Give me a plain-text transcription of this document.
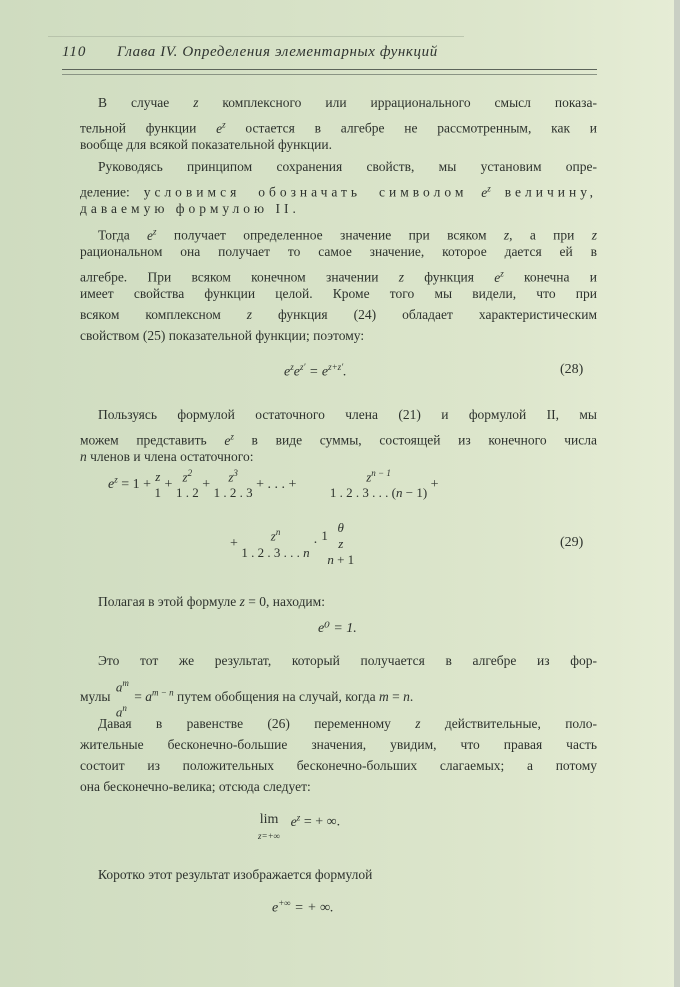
110 Глава IV. Определения элементарных функций
В случае z комплексного или иррационального смысл показа-
тельной функции $e^z$ остается в алгебре не рассмотренным, как и
вообще для всякой показательной функции.
Руководясь принципом сохранения свойств, мы установим опре-
деление: условимся обозначать символом $e^z$ величину,
даваемую формулою II.
Тогда $e^z$ получает определенное значение при всяком z, а при z
рациональном она получает то самое значение, которое дается ей в
алгебре. При всяком конечном значении z функция $e^z$ конечна и
имеет свойства функции целой. Кроме того мы видели, что при
всяком комплексном z функция (24) обладает характеристическим
свойством (25) показательной функции; поэтому:
$e^ze^{z'} = e^{z+z'}$.	(28)
Пользуясь формулой остаточного члена (21) и формулой II, мы
можем представить $e^z$ в виде суммы, состоящей из конечного числа
n членов и члена остаточного:
$e^z = 1$ +
z
1
+
$z^2$
1 . 2
+
$z^3$
1 . 2 . 3
+ . . . +
$z^{n - 1}$
1 . 2 . 3 . . . (n − 1)
+
+
$z^n$
1 . 2 . 3 . . . n
·
1

θ
z
n + 1
(29)
Полагая в этой формуле z = 0, находим:
e⁰ = 1.
Это тот же результат, который получается в алгебре из фор-
мулы
$a^m$
$a^n$
= $a^{m - n}$ путем обобщения на случай, когда m = n.
Давая в равенстве (26) переменному z действительные, поло-
жительные бесконечно-большие значения, увидим, что правая часть
состоит из положительных бесконечно-больших слагаемых; а потому
она бесконечно-велика; отсюда следует:
lim
z=+∞   $e^z$ = + ∞.
Коротко этот результат изображается формулой
e+∞ = + ∞.
